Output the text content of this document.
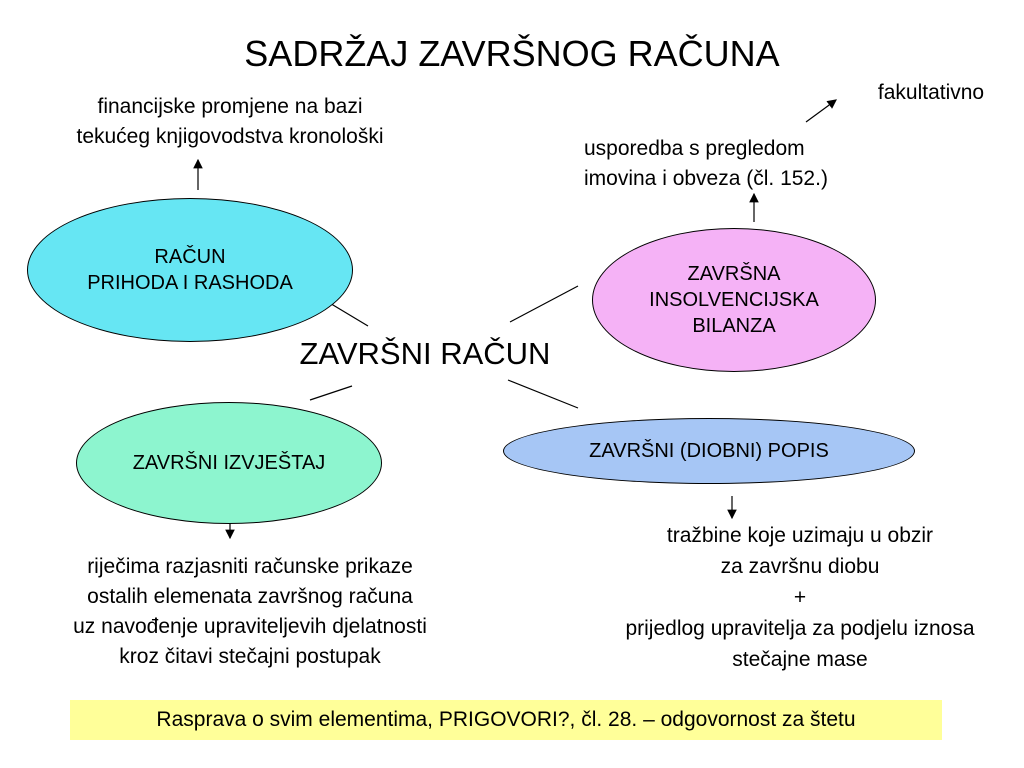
SADRŽAJ ZAVRŠNOG RAČUNA
financijske promjene na bazi
tekućeg knjigovodstva kronološki
fakultativno
usporedba s pregledom
imovina i obveza (čl. 152.)
RAČUN
PRIHODA I RASHODA	ZAVRŠNA
INSOLVENCIJSKA
BILANZA
ZAVRŠNI RAČUN
ZAVRŠNI IZVJEŠTAJ
ZAVRŠNI (DIOBNI) POPIS
riječima razjasniti računske prikaze
ostalih elemenata završnog računa
uz navođenje upraviteljevih djelatnosti
kroz čitavi stečajni postupak
tražbine koje uzimaju u obzir
za završnu diobu
+
prijedlog upravitelja za podjelu iznosa
stečajne mase
Rasprava o svim elementima, PRIGOVORI?, čl. 28. – odgovornost za štetu
